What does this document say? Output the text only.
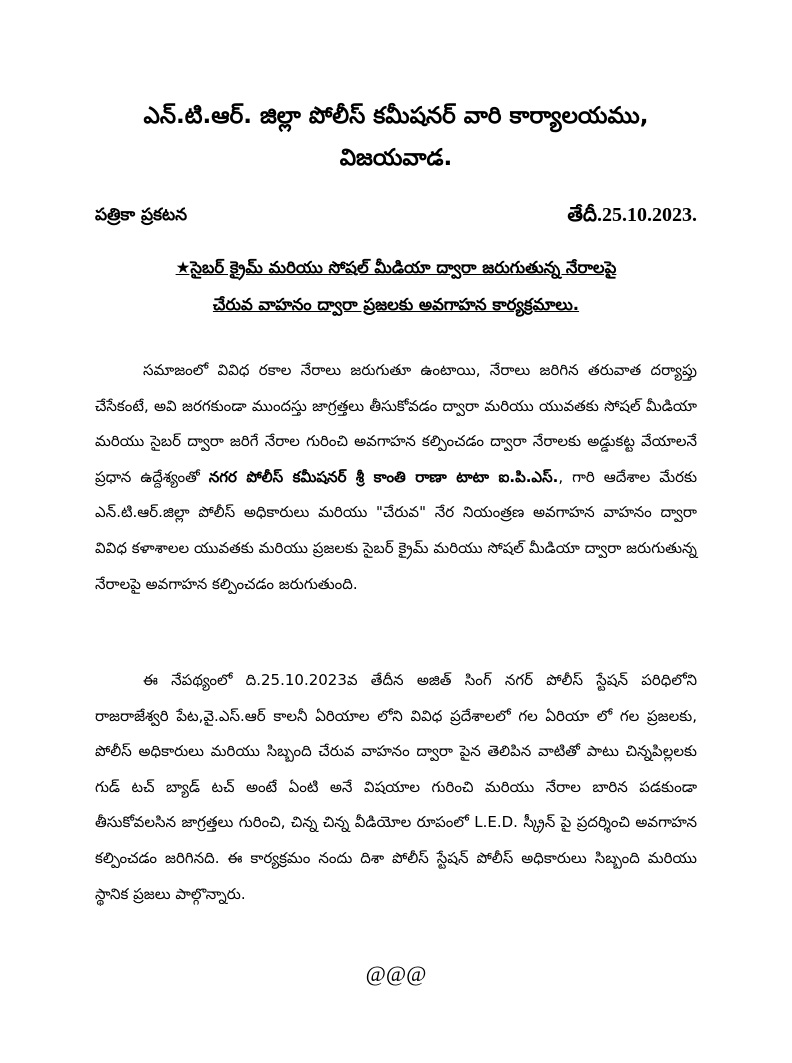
ఎన్.టి.ఆర్. జిల్లా పోలీస్ కమీషనర్ వారి కార్యాలయము,
విజయవాడ.
పత్రికా ప్రకటన	తేదీ.25.10.2023.
★సైబర్ క్రైమ్ మరియు సోషల్ మీడియా ద్వారా జరుగుతున్న నేరాలపై
చేరువ వాహనం ద్వారా ప్రజలకు అవగాహన కార్యక్రమాలు.

సమాజంలో వివిధ రకాల నేరాలు జరుగుతూ ఉంటాయి, నేరాలు జరిగిన తరువాత దర్యాప్తు చేసేకంటే, అవి జరగకుండా ముందస్తు జాగ్రత్తలు తీసుకోవడం ద్వారా మరియు యువతకు సోషల్ మీడియా మరియు సైబర్ ద్వారా జరిగే నేరాల గురించి అవగాహన కల్పించడం ద్వారా నేరాలకు అడ్డుకట్ట వేయాలనే ప్రధాన ఉద్దేశ్యంతో నగర పోలీస్ కమీషనర్ శ్రీ కాంతి రాణా టాటా ఐ.పి.ఎస్., గారి ఆదేశాల మేరకు ఎన్.టి.ఆర్.జిల్లా పోలీస్ అధికారులు మరియు "చేరువ" నేర నియంత్రణ అవగాహన వాహనం ద్వారా వివిధ కళాశాలల యువతకు మరియు ప్రజలకు సైబర్ క్రైమ్ మరియు సోషల్ మీడియా ద్వారా జరుగుతున్న నేరాలపై అవగాహన కల్పించడం జరుగుతుంది.

ఈ నేపథ్యంలో ది.25.10.2023వ తేదీన అజిత్ సింగ్ నగర్ పోలీస్ స్టేషన్ పరిధిలోని రాజరాజేశ్వరి పేట,వై.ఎస్.ఆర్ కాలనీ ఏరియాల లోని వివిధ ప్రదేశాలలో గల ఏరియా లో గల ప్రజలకు, పోలీస్ అధికారులు మరియు సిబ్బంది చేరువ వాహనం ద్వారా పైన తెలిపిన వాటితో పాటు చిన్నపిల్లలకు గుడ్ టచ్ బ్యాడ్ టచ్ అంటే ఏంటి అనే విషయాల గురించి మరియు నేరాల బారిన పడకుండా తీసుకోవలసిన జాగ్రత్తలు గురించి, చిన్న చిన్న వీడియోల రూపంలో L.E.D. స్క్రీన్ పై ప్రదర్శించి అవగాహన కల్పించడం జరిగినది. ఈ కార్యక్రమం నందు దిశా పోలీస్ స్టేషన్ పోలీస్ అధికారులు సిబ్బంది మరియు స్థానిక ప్రజలు పాల్గొన్నారు.

@@@
